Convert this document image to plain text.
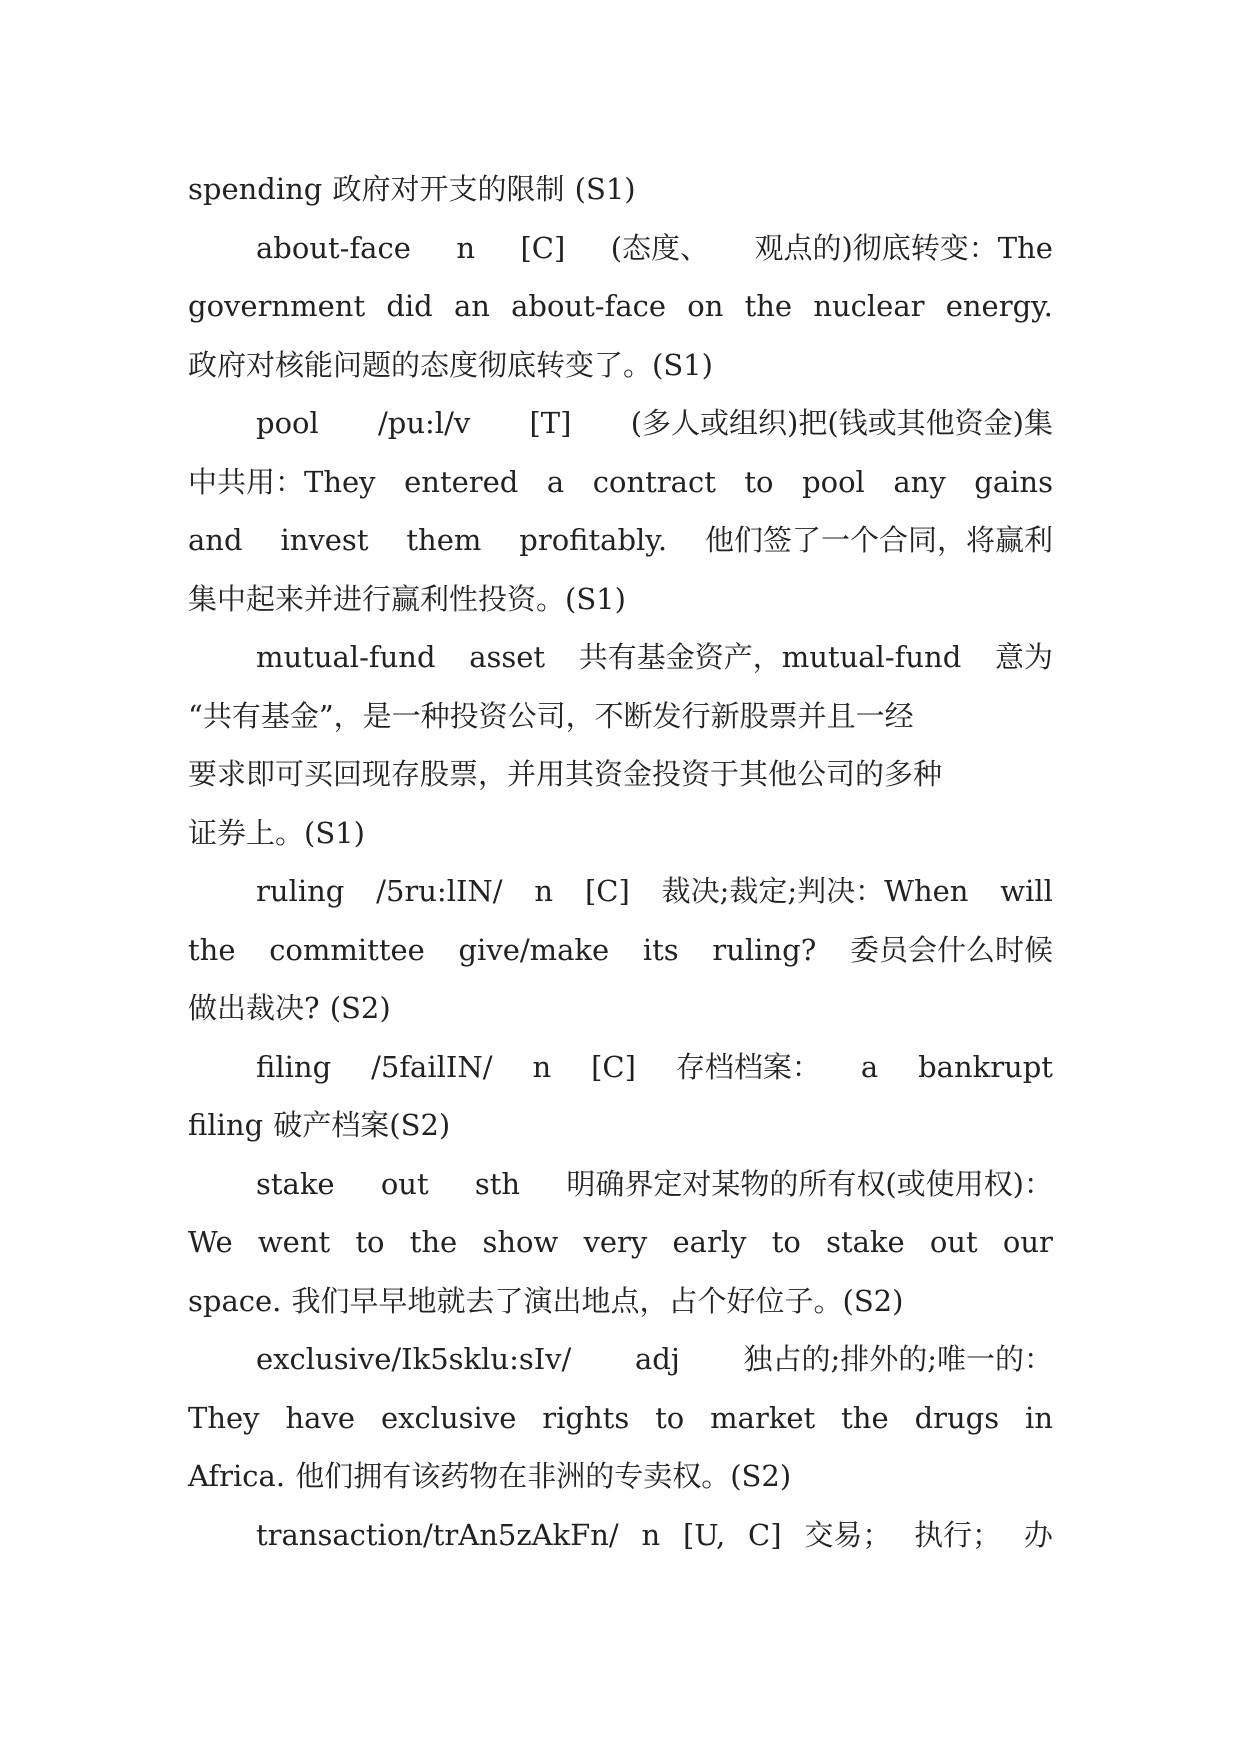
spending 政府对开支的限制 (S1)
about-face n [C] (态度、 观点的)彻底转变：The
government did an about-face on the nuclear energy.
政府对核能问题的态度彻底转变了。(S1)
pool /pu:l/v [T] (多人或组织)把(钱或其他资金)集
中共用：They entered a contract to pool any gains
and invest them profitably. 他们签了一个合同，将赢利
集中起来并进行赢利性投资。(S1)
mutual-fund asset 共有基金资产，mutual-fund 意为
“共有基金”，是一种投资公司，不断发行新股票并且一经
要求即可买回现存股票，并用其资金投资于其他公司的多种
证券上。(S1)
ruling /5ru:lIN/ n [C] 裁决;裁定;判决：When will
the committee give/make its ruling? 委员会什么时候
做出裁决? (S2)
filing /5failIN/ n [C] 存档档案： a bankrupt
filing 破产档案(S2)
stake out sth 明确界定对某物的所有权(或使用权)：
We went to the show very early to stake out our
space. 我们早早地就去了演出地点，占个好位子。(S2)
exclusive/Ik5sklu:sIv/ adj 独占的;排外的;唯一的：
They have exclusive rights to market the drugs in
Africa. 他们拥有该药物在非洲的专卖权。(S2)
transaction/trAn5zAkFn/ n [U, C] 交易； 执行； 办
